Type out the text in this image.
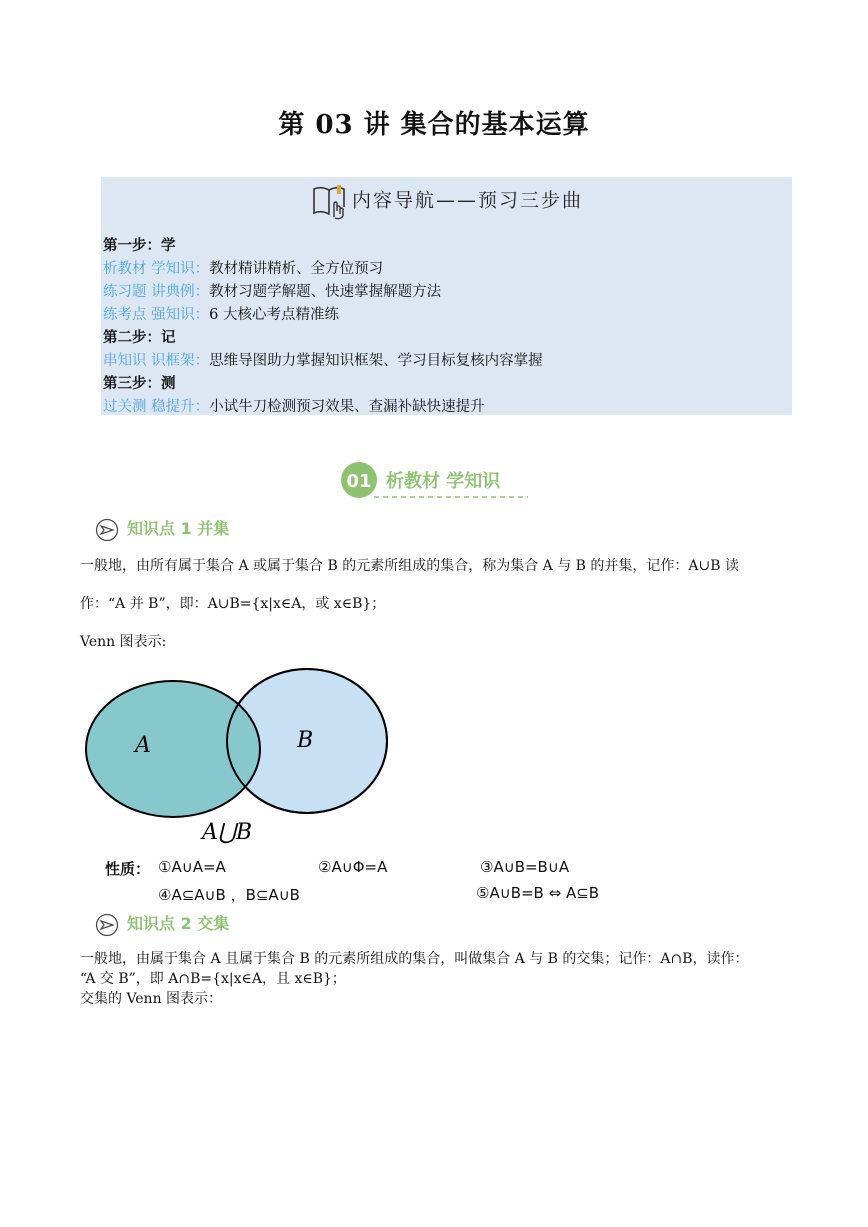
第 03 讲 集合的基本运算
内容导航——预习三步曲
第一步：学
析教材 学知识：教材精讲精析、全方位预习
练习题 讲典例：教材习题学解题、快速掌握解题方法
练考点 强知识：6 大核心考点精准练
第二步：记
串知识 识框架：思维导图助力掌握知识框架、学习目标复核内容掌握
第三步：测
过关测 稳提升：小试牛刀检测预习效果、查漏补缺快速提升
01 析教材 学知识
知识点 1 并集
一般地，由所有属于集合 A 或属于集合 B 的元素所组成的集合，称为集合 A 与 B 的并集，记作：A∪B 读
作：“A 并 B”，即：A∪B={x|x∈A，或 x∈B}；
Venn 图表示:
A	B
A⋃B
性质： ①A∪A=A	②A∪Φ=A	③A∪B=B∪A
④A⊆A∪B ，B⊆A∪B	⑤A∪B=B ⇔ A⊆B
知识点 2 交集
一般地，由属于集合 A 且属于集合 B 的元素所组成的集合，叫做集合 A 与 B 的交集；记作：A∩B，读作：
“A 交 B”，即 A∩B={x|x∈A，且 x∈B}；
交集的 Venn 图表示：
